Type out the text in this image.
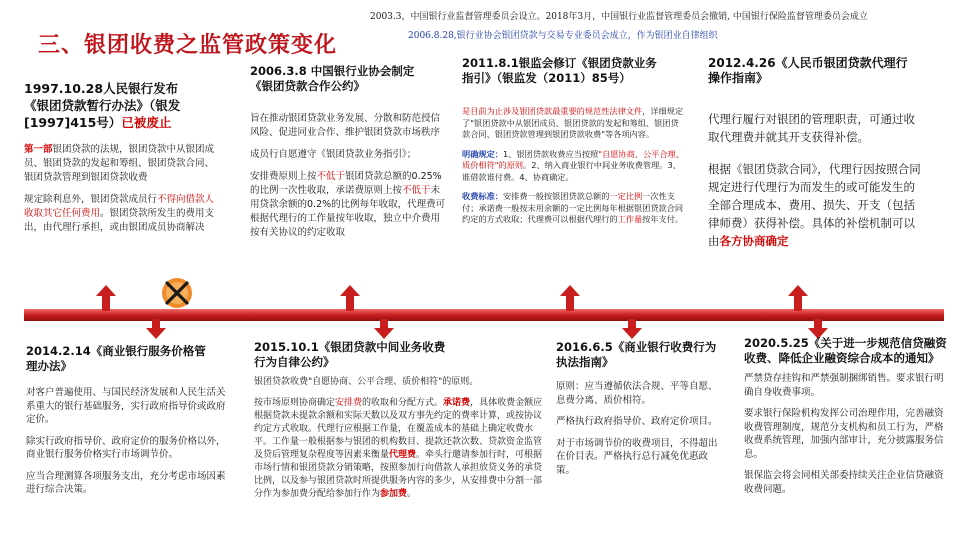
三、银团收费之监管政策变化
2003.3，中国银行业监督管理委员会设立。2018年3月，中国银行业监督管理委员会撤销, 中国银行保险监督管理委员会成立
2006.8.28,银行业协会银团贷款与交易专业委员会成立，作为银团业自律组织
1997.10.28人民银行发布
《银团贷款暂行办法》（银发[1997]415号）已被废止

第一部银团贷款的法规，银团贷款中从银团成员、银团贷款的发起和筹组、银团贷款合同、银团贷款管理到银团贷款收费

规定除利息外，银团贷款成员行不得向借款人收取其它任何费用。银团贷款所发生的费用支出，由代理行承担，或由银团成员协商解决

2006.3.8 中国银行业协会制定
《银团贷款合作公约》

旨在推动银团贷款业务发展、分散和防范授信风险、促进同业合作、维护银团贷款市场秩序

成员行自愿遵守《银团贷款业务指引》；

安排费原则上按不低于银团贷款总额的0.25%的比例一次性收取，承诺费原则上按不低于未用贷款余额的0.2%的比例每年收取，代理费可根据代理行的工作量按年收取，独立中介费用按有关协议的约定收取

2011.8.1银监会修订《银团贷款业务指引》（银监发（2011）85号）

是目前为止涉及银团贷款最重要的规范性法律文件，详细规定了"银团贷款中从银团成员、银团贷款的发起和筹组、银团贷款合同、银团贷款管理到银团贷款收费"等各项内容。

明确规定：1、银团贷款收费应当按照"自愿协商、公平合理、质价相符"的原则。2、纳入商业银行中间业务收费管理。3、谁借款谁付费。4、协商确定。

收费标准：安排费一般按银团贷款总额的一定比例一次性支付；承诺费一般按未用余额的一定比例每年根据银团贷款合同约定的方式收取；代理费可以根据代理行的工作量按年支付。

2012.4.26《人民币银团贷款代理行操作指南》

代理行履行对银团的管理职责，可通过收取代理费并就其开支获得补偿。

根据《银团贷款合同》，代理行因按照合同规定进行代理行为而发生的或可能发生的全部合理成本、费用、损失、开支（包括律师费）获得补偿。具体的补偿机制可以由各方协商确定

2014.2.14《商业银行服务价格管理办法》

对客户普遍使用、与国民经济发展和人民生活关系重大的银行基础服务，实行政府指导价或政府定价。

除实行政府指导价、政府定价的服务价格以外，商业银行服务价格实行市场调节价。

应当合理测算各项服务支出，充分考虑市场因素进行综合决策。

2015.10.1《银团贷款中间业务收费行为自律公约》

银团贷款收费"自愿协商、公平合理、质价相符"的原则。

按市场原则协商确定安排费的收取和分配方式。承诺费，具体收费金额应根据贷款未提款余额和实际天数以及双方事先约定的费率计算，或按协议约定方式收取。代理行应根据工作量，在覆盖成本的基础上确定收费水平。工作量一般根据参与银团的机构数目、提款还款次数、贷款资金监管及贷后管理复杂程度等因素来衡量代理费。牵头行邀请参加行时，可根据市场行情和银团贷款分销策略，按照参加行向借款人承担放贷义务的承贷比例，以及参与银团贷款时所提供服务内容的多少，从安排费中分割一部分作为参加费分配给参加行作为参加费。

2016.6.5《商业银行收费行为执法指南》

原则：应当遵循依法合规、平等自愿、息费分离、质价相符。

严格执行政府指导价、政府定价项目。

对于市场调节价的收费项目，不得超出在价目表。严格执行总行减免优惠政策。

2020.5.25《关于进一步规范信贷融资收费、降低企业融资综合成本的通知》

严禁贷存挂钩和严禁强制捆绑销售。要求银行明确自身收费事项。

要求银行保险机构发挥公司治理作用，完善融资收费管理制度，规范分支机构和员工行为，严格收费系统管理，加强内部审计，充分披露服务信息。

银保监会将会同相关部委持续关注企业信贷融资收费问题。
